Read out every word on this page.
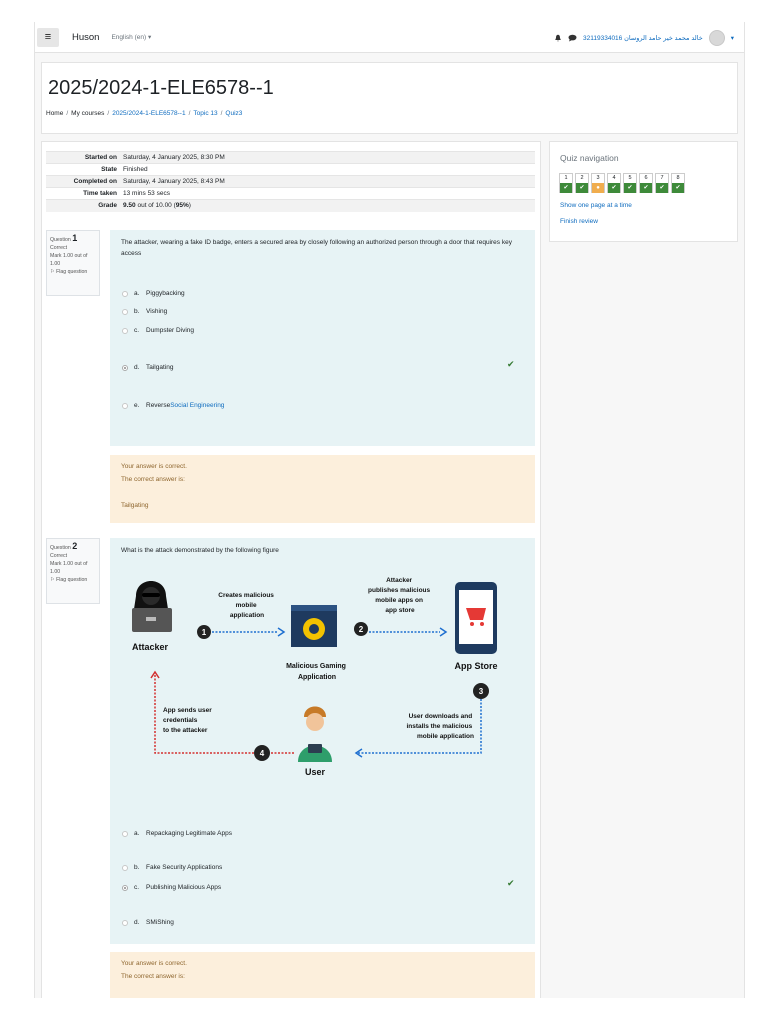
≡	Huson English ‎(en)‎ ▾	32119334016 خالد محمد خير حامد الروسان	▾
2025/2024-1-ELE6578--1
Home / My courses / 2025/2024-1-ELE6578--1 / Topic 13 / Quiz3
Started on	Saturday, 4 January 2025, 8:30 PM
State	Finished
Completed on	Saturday, 4 January 2025, 8:43 PM
Time taken	13 mins 53 secs
Grade	9.50 out of 10.00 (95%)
Question 1
Correct
Mark 1.00 out of 1.00
⚐ Flag question
The attacker, wearing a fake ID badge, enters a secured area by closely following an authorized person through a door that requires key access
a.	Piggybacking
b.	Vishing
c.	Dumpster Diving
d.	Tailgating	✔
e.	Reverse Social Engineering
Your answer is correct.
The correct answer is:
Tailgating
Question 2
Correct
Mark 1.00 out of 1.00
⚐ Flag question
What is the attack demonstrated by the following figure
Attacker
1
Creates malicious mobile application
Malicious Gaming Application
2
Attacker publishes malicious mobile apps on app store
App Store
3
User downloads and installs the malicious mobile application
User
4
App sends user credentials to the attacker
a.	Repackaging Legitimate Apps
b.	Fake Security Applications
c.	Publishing Malicious Apps	✔
d.	SMiShing
Your answer is correct.
The correct answer is:
Quiz navigation
1
✔
2
✔
3
●
4
✔
5
✔
6
✔
7
✔
8
✔
Show one page at a time
Finish review
